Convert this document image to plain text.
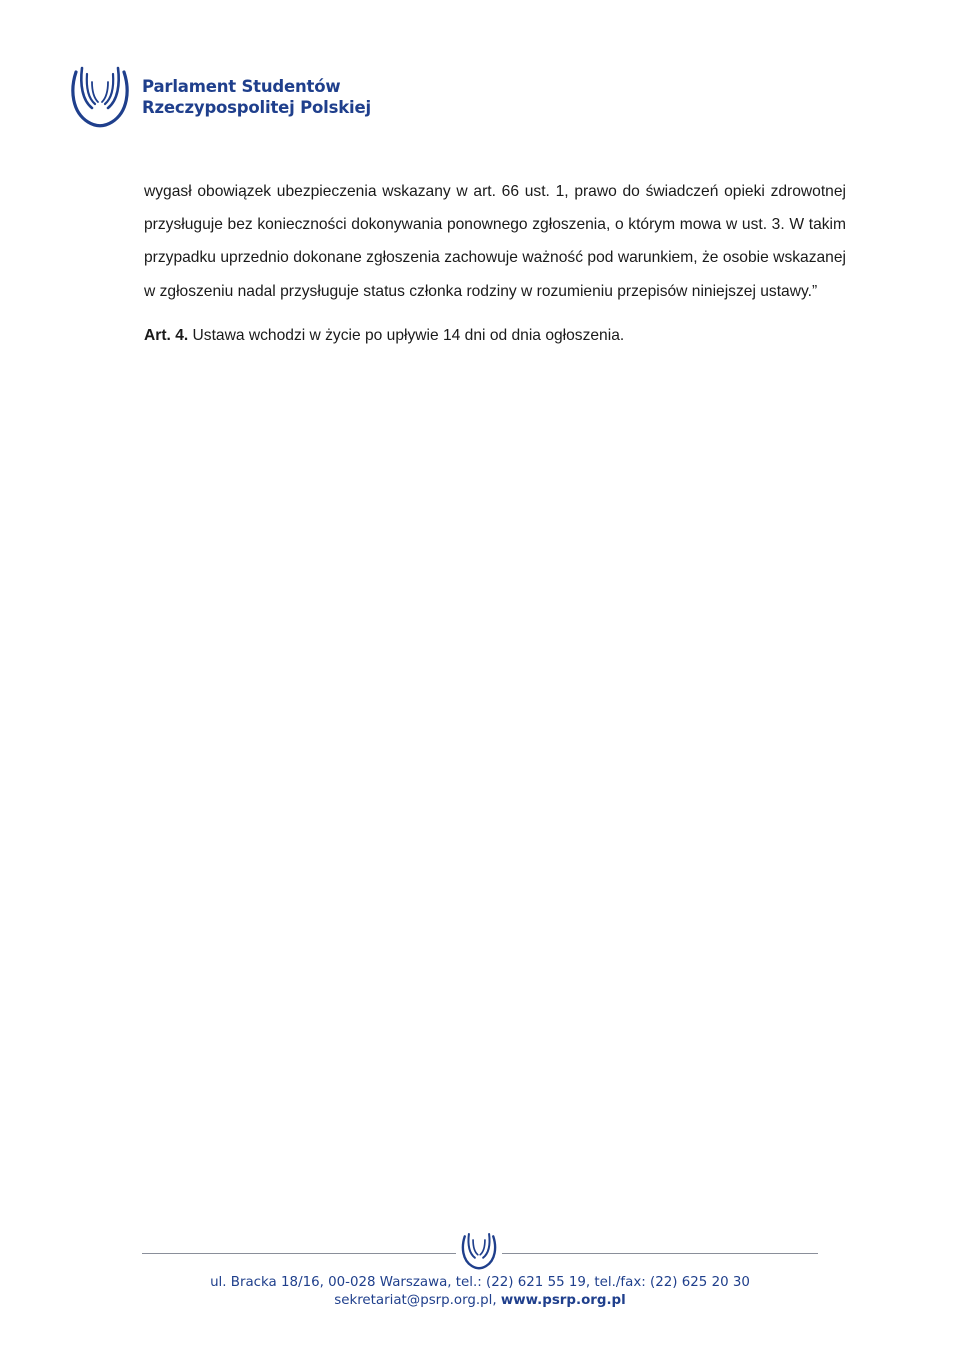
Parlament Studentów
Rzeczypospolitej Polskiej

wygasł obowiązek ubezpieczenia wskazany w art. 66 ust. 1, prawo do świadczeń opieki zdrowotnej przysługuje bez konieczności dokonywania ponownego zgłoszenia, o którym mowa w ust. 3. W takim przypadku uprzednio dokonane zgłoszenia zachowuje ważność pod warunkiem, że osobie wskazanej w zgłoszeniu nadal przysługuje status członka rodziny w rozumieniu przepisów niniejszej ustawy.”

Art. 4. Ustawa wchodzi w życie po upływie 14 dni od dnia ogłoszenia.

ul. Bracka 18/16, 00-028 Warszawa, tel.: (22) 621 55 19, tel./fax: (22) 625 20 30
sekretariat@psrp.org.pl, www.psrp.org.pl
